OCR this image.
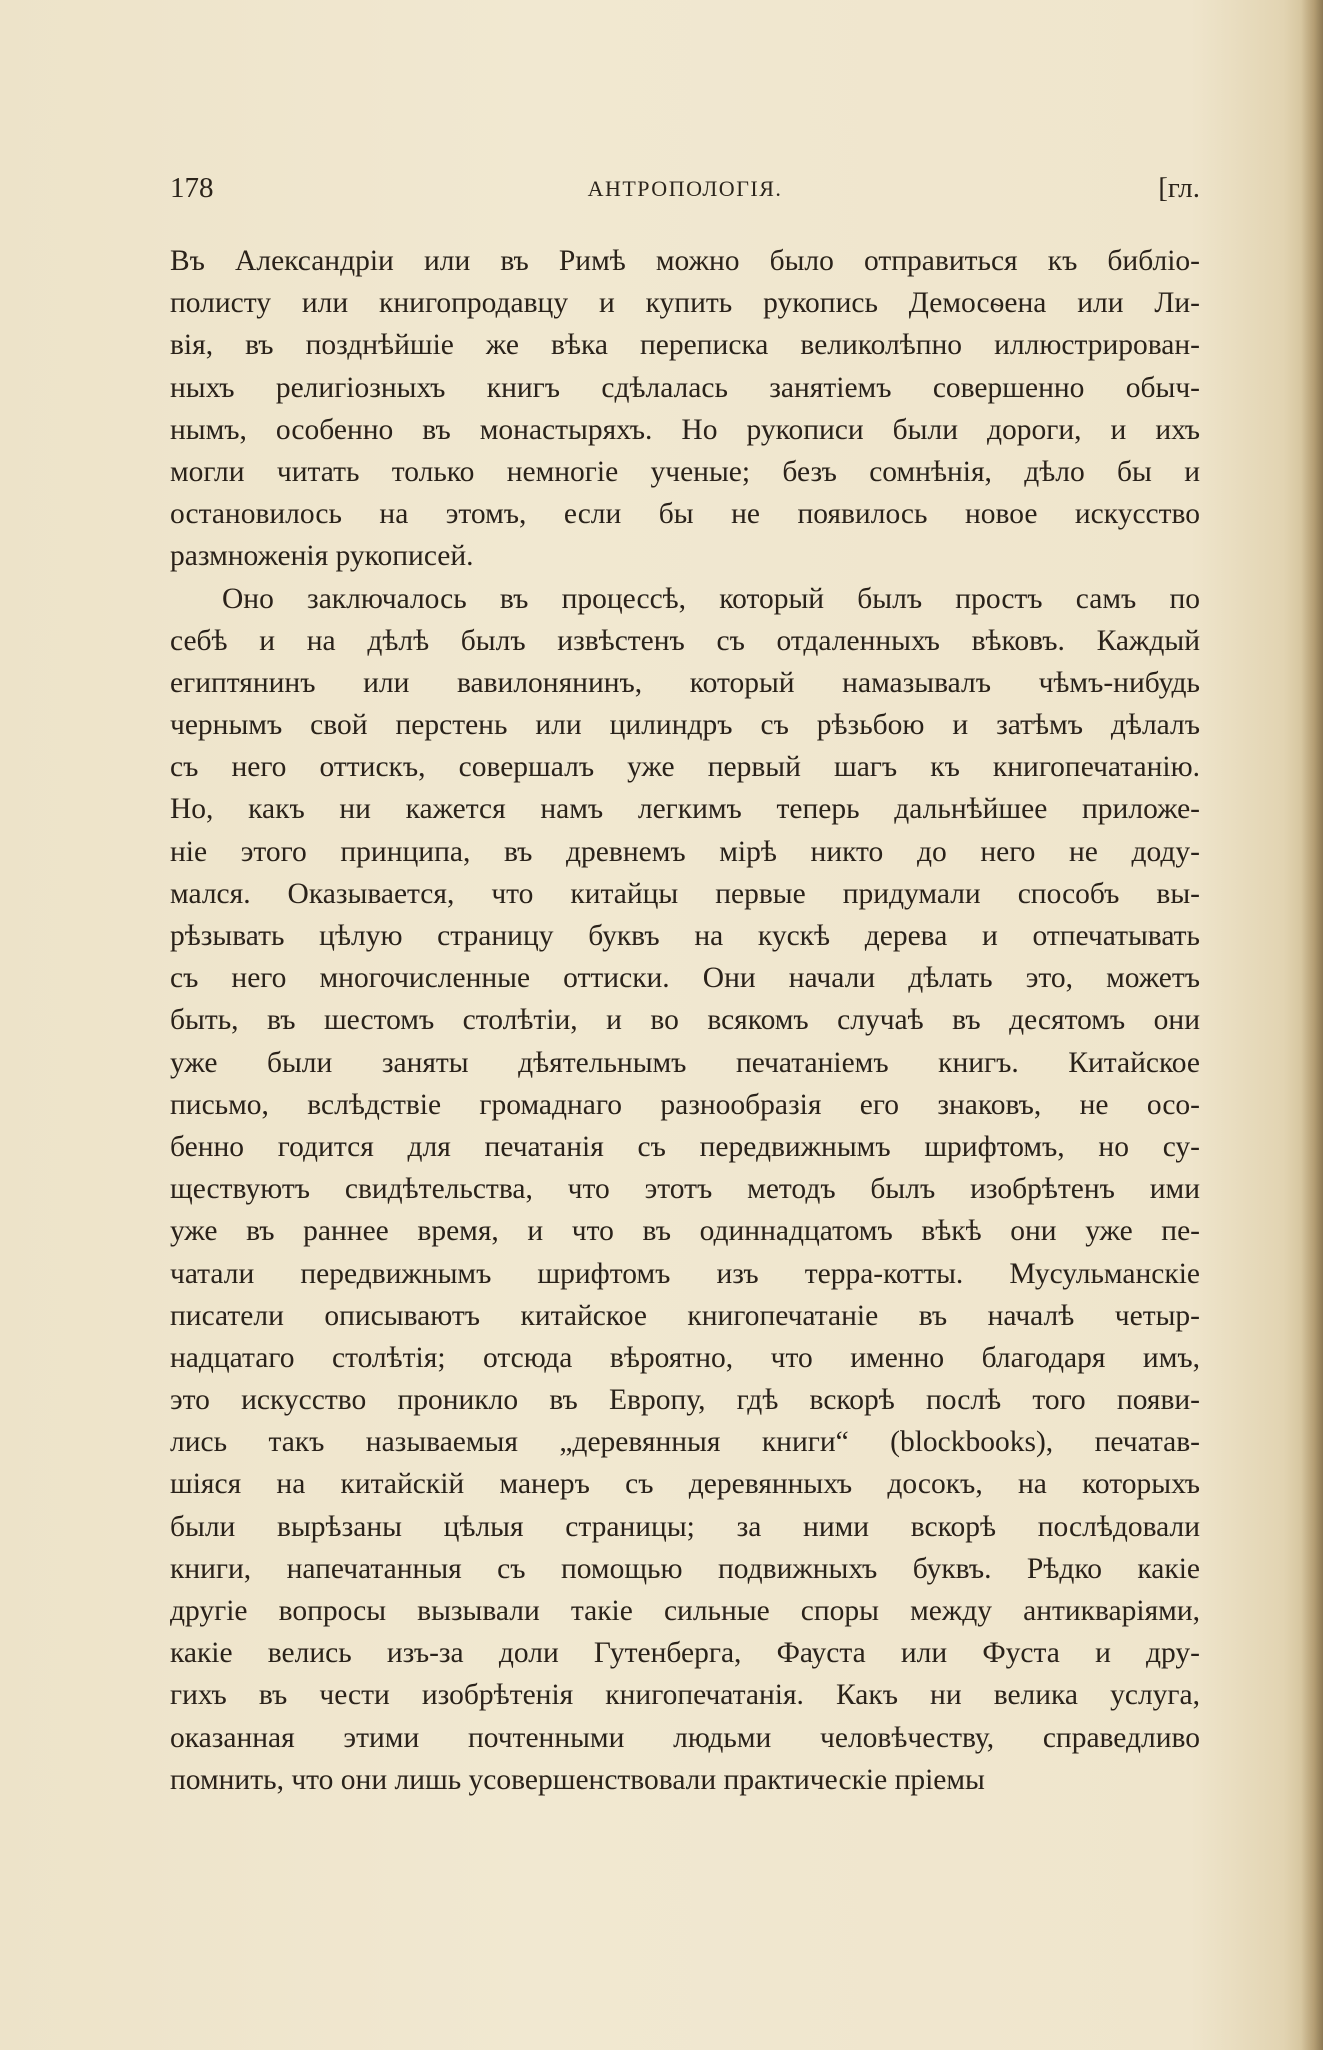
178	АНТРОПОЛОГIЯ.	[гл.
Въ Александрiи или въ Римѣ можно было отправиться къ библiо-
полисту или книгопродавцу и купить рукопись Демосѳена или Ли-
вiя, въ позднѣйшiе же вѣка переписка великолѣпно иллюстрирован-
ныхъ религiозныхъ книгъ сдѣлалась занятiемъ совершенно обыч-
нымъ, особенно въ монастыряхъ. Но рукописи были дороги, и ихъ
могли читать только немногiе ученые; безъ сомнѣнiя, дѣло бы и
остановилось на этомъ, если бы не появилось новое искусство
размноженiя рукописей.
Оно заключалось въ процессѣ, который былъ простъ самъ по
себѣ и на дѣлѣ былъ извѣстенъ съ отдаленныхъ вѣковъ. Каждый
египтянинъ или вавилонянинъ, который намазывалъ чѣмъ-нибудь
чернымъ свой перстень или цилиндръ съ рѣзьбою и затѣмъ дѣлалъ
съ него оттискъ, совершалъ уже первый шагъ къ книгопечатанiю.
Но, какъ ни кажется намъ легкимъ теперь дальнѣйшее приложе-
нiе этого принципа, въ древнемъ мiрѣ никто до него не доду-
мался. Оказывается, что китайцы первые придумали способъ вы-
рѣзывать цѣлую страницу буквъ на кускѣ дерева и отпечатывать
съ него многочисленные оттиски. Они начали дѣлать это, можетъ
быть, въ шестомъ столѣтiи, и во всякомъ случаѣ въ десятомъ они
уже были заняты дѣятельнымъ печатанiемъ книгъ. Китайское
письмо, вслѣдствiе громаднаго разнообразiя его знаковъ, не осо-
бенно годится для печатанiя съ передвижнымъ шрифтомъ, но су-
ществуютъ свидѣтельства, что этотъ методъ былъ изобрѣтенъ ими
уже въ раннее время, и что въ одиннадцатомъ вѣкѣ они уже пе-
чатали передвижнымъ шрифтомъ изъ терра-котты. Мусульманскiе
писатели описываютъ китайское книгопечатанiе въ началѣ четыр-
надцатаго столѣтiя; отсюда вѣроятно, что именно благодаря имъ,
это искусство проникло въ Европу, гдѣ вскорѣ послѣ того появи-
лись такъ называемыя „деревянныя книги“ (blockbooks), печатав-
шiяся на китайскiй манеръ съ деревянныхъ досокъ, на которыхъ
были вырѣзаны цѣлыя страницы; за ними вскорѣ послѣдовали
книги, напечатанныя съ помощью подвижныхъ буквъ. Рѣдко какiе
другiе вопросы вызывали такiе сильные споры между антикварiями,
какiе велись изъ-за доли Гутенберга, Фауста или Фуста и дру-
гихъ въ чести изобрѣтенiя книгопечатанiя. Какъ ни велика услуга,
оказанная этими почтенными людьми человѣчеству, справедливо
помнить, что они лишь усовершенствовали практическiе прiемы
